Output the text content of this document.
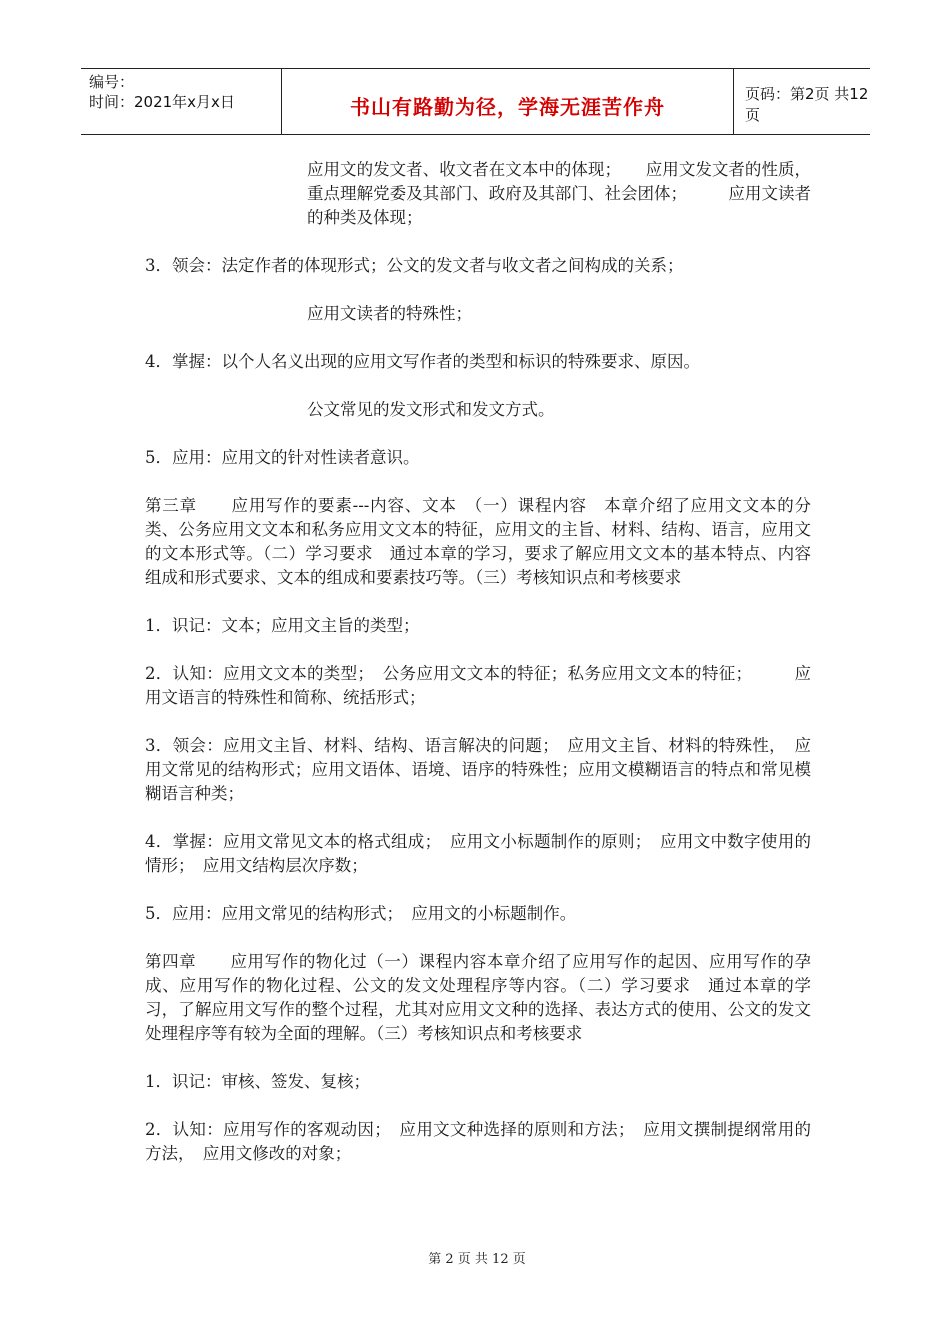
编号：
时间：2021年x月x日	书山有路勤为径，学海无涯苦作舟
页码：第2页 共12页

应用文的发文者、收文者在文本中的体现；　　应用文发文者的性质，重点理解党委及其部门、政府及其部门、社会团体；　　　应用文读者的种类及体现；

3．领会：法定作者的体现形式；公文的发文者与收文者之间构成的关系；

应用文读者的特殊性；

4．掌握：以个人名义出现的应用文写作者的类型和标识的特殊要求、原因。

公文常见的发文形式和发文方式。

5．应用：应用文的针对性读者意识。

第三章　　应用写作的要素---内容、文本　（一）课程内容　本章介绍了应用文文本的分类、公务应用文文本和私务应用文文本的特征，应用文的主旨、材料、结构、语言，应用文的文本形式等。（二）学习要求　通过本章的学习，要求了解应用文文本的基本特点、内容组成和形式要求、文本的组成和要素技巧等。（三）考核知识点和考核要求

1．识记：文本；应用文主旨的类型；

2．认知：应用文文本的类型；　公务应用文文本的特征；私务应用文文本的特征；　　　应用文语言的特殊性和简称、统括形式；

3．领会：应用文主旨、材料、结构、语言解决的问题；　应用文主旨、材料的特殊性，　应用文常见的结构形式；应用文语体、语境、语序的特殊性；应用文模糊语言的特点和常见模糊语言种类；

4．掌握：应用文常见文本的格式组成；　应用文小标题制作的原则；　应用文中数字使用的情形；　应用文结构层次序数；

5．应用：应用文常见的结构形式；　应用文的小标题制作。

第四章　　应用写作的物化过（一）课程内容本章介绍了应用写作的起因、应用写作的孕成、应用写作的物化过程、公文的发文处理程序等内容。（二）学习要求　通过本章的学习，了解应用文写作的整个过程，尤其对应用文文种的选择、表达方式的使用、公文的发文处理程序等有较为全面的理解。（三）考核知识点和考核要求

1．识记：审核、签发、复核；

2．认知：应用写作的客观动因；　应用文文种选择的原则和方法；　应用文撰制提纲常用的方法，　应用文修改的对象；

第 2 页 共 12 页
